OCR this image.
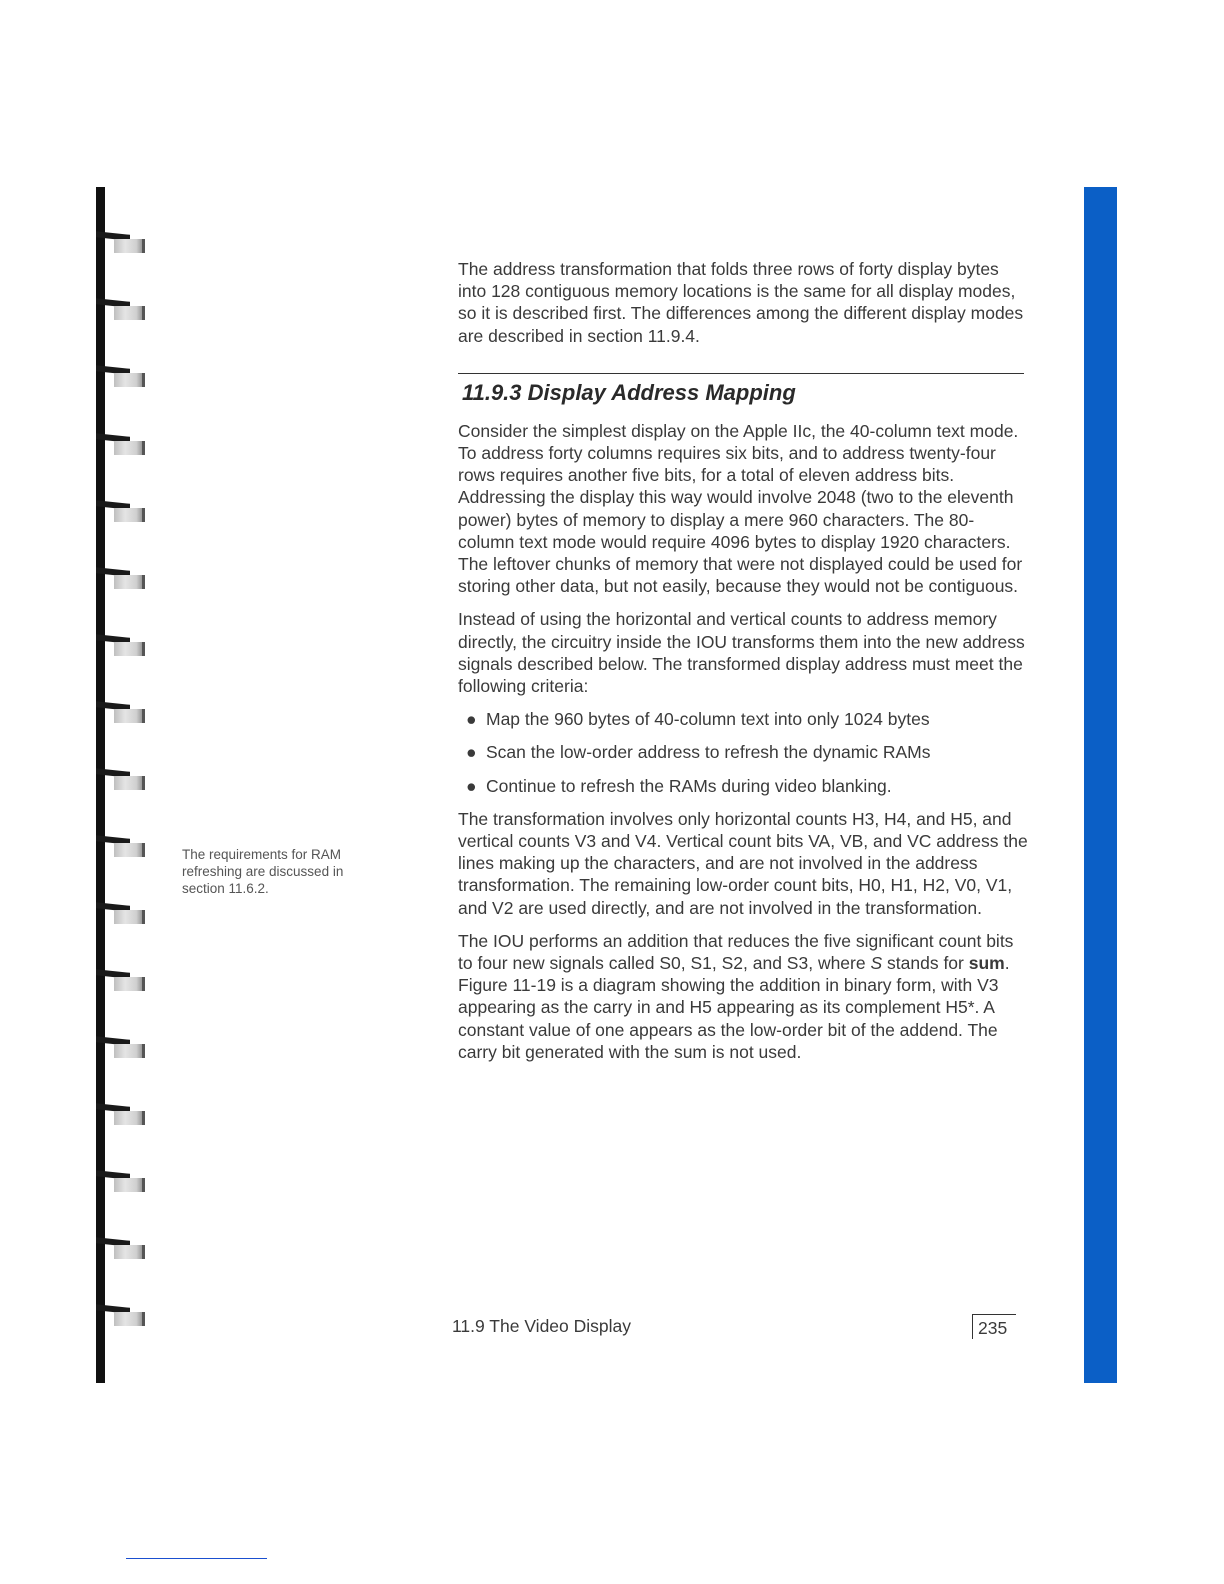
The requirements for RAM refreshing are discussed in section 11.6.2.

The address transformation that folds three rows of forty display bytes into 128 contiguous memory locations is the same for all display modes, so it is described first. The differences among the different display modes are described in section 11.9.4.

11.9.3 Display Address Mapping

Consider the simplest display on the Apple IIc, the 40-column text mode. To address forty columns requires six bits, and to address twenty-four rows requires another five bits, for a total of eleven address bits. Addressing the display this way would involve 2048 (two to the eleventh power) bytes of memory to display a mere 960 characters. The 80-column text mode would require 4096 bytes to display 1920 characters. The leftover chunks of memory that were not displayed could be used for storing other data, but not easily, because they would not be contiguous.

Instead of using the horizontal and vertical counts to address memory directly, the circuitry inside the IOU transforms them into the new address signals described below. The transformed display address must meet the following criteria:

● Map the 960 bytes of 40-column text into only 1024 bytes
● Scan the low-order address to refresh the dynamic RAMs
● Continue to refresh the RAMs during video blanking.

The transformation involves only horizontal counts H3, H4, and H5, and vertical counts V3 and V4. Vertical count bits VA, VB, and VC address the lines making up the characters, and are not involved in the address transformation. The remaining low-order count bits, H0, H1, H2, V0, V1, and V2 are used directly, and are not involved in the transformation.

The IOU performs an addition that reduces the five significant count bits to four new signals called S0, S1, S2, and S3, where S stands for sum. Figure 11-19 is a diagram showing the addition in binary form, with V3 appearing as the carry in and H5 appearing as its complement H5*. A constant value of one appears as the low-order bit of the addend. The carry bit generated with the sum is not used.

11.9 The Video Display	235
